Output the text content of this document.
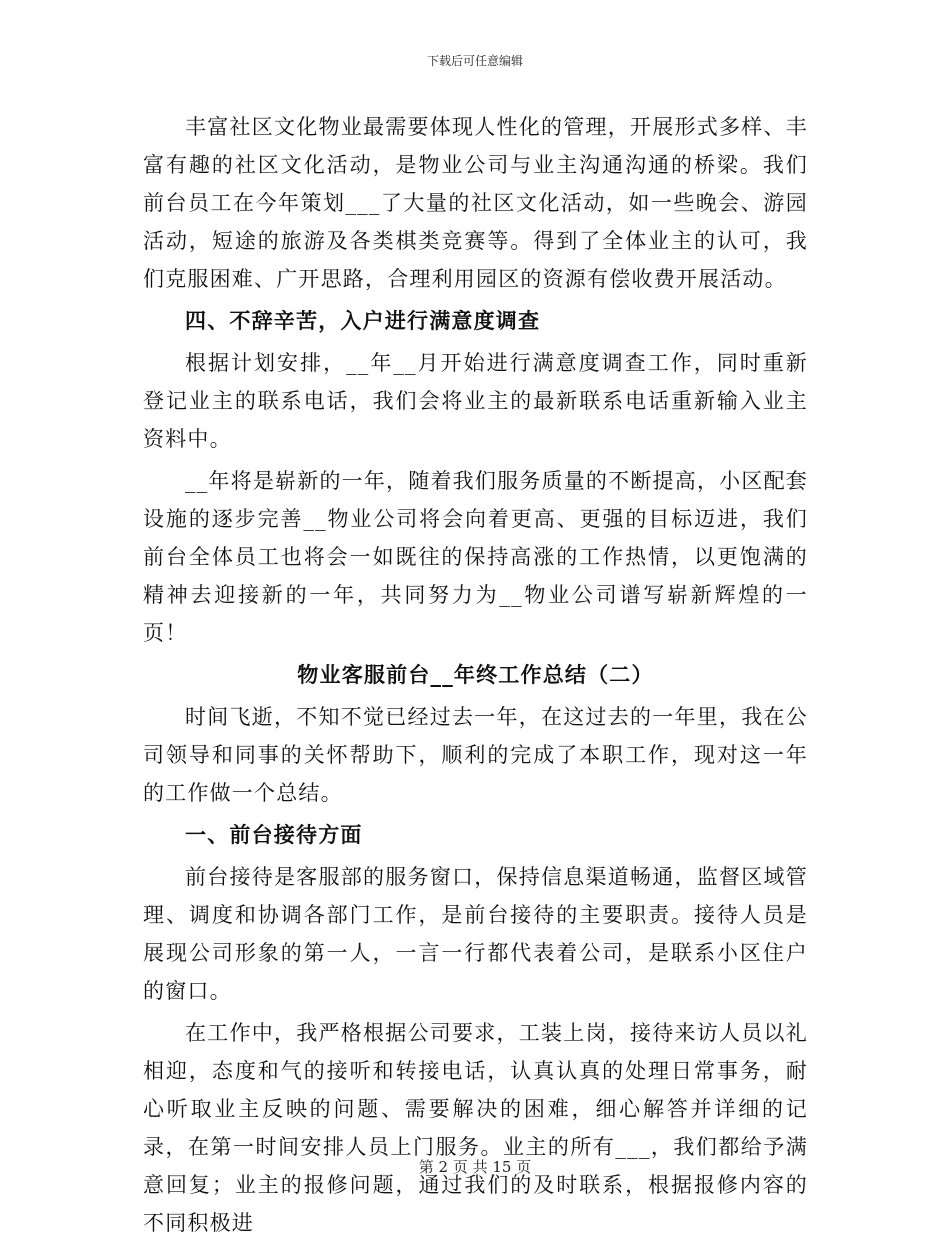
下载后可任意编辑

丰富社区文化物业最需要体现人性化的管理，开展形式多样、丰富有趣的社区文化活动，是物业公司与业主沟通沟通的桥梁。我们前台员工在今年策划___了大量的社区文化活动，如一些晚会、游园活动，短途的旅游及各类棋类竞赛等。得到了全体业主的认可，我们克服困难、广开思路，合理利用园区的资源有偿收费开展活动。

四、不辞辛苦，入户进行满意度调查

根据计划安排，__年__月开始进行满意度调查工作，同时重新登记业主的联系电话，我们会将业主的最新联系电话重新输入业主资料中。

__年将是崭新的一年，随着我们服务质量的不断提高，小区配套设施的逐步完善__物业公司将会向着更高、更强的目标迈进，我们前台全体员工也将会一如既往的保持高涨的工作热情，以更饱满的精神去迎接新的一年，共同努力为__物业公司谱写崭新辉煌的一页！

物业客服前台__年终工作总结（二）

时间飞逝，不知不觉已经过去一年，在这过去的一年里，我在公司领导和同事的关怀帮助下，顺利的完成了本职工作，现对这一年的工作做一个总结。

一、前台接待方面

前台接待是客服部的服务窗口，保持信息渠道畅通，监督区域管理、调度和协调各部门工作，是前台接待的主要职责。接待人员是展现公司形象的第一人，一言一行都代表着公司，是联系小区住户的窗口。

在工作中，我严格根据公司要求，工装上岗，接待来访人员以礼相迎，态度和气的接听和转接电话，认真认真的处理日常事务，耐心听取业主反映的问题、需要解决的困难，细心解答并详细的记录，在第一时间安排人员上门服务。业主的所有___，我们都给予满意回复；业主的报修问题，通过我们的及时联系，根据报修内容的不同积极进

第 2 页 共 15 页
